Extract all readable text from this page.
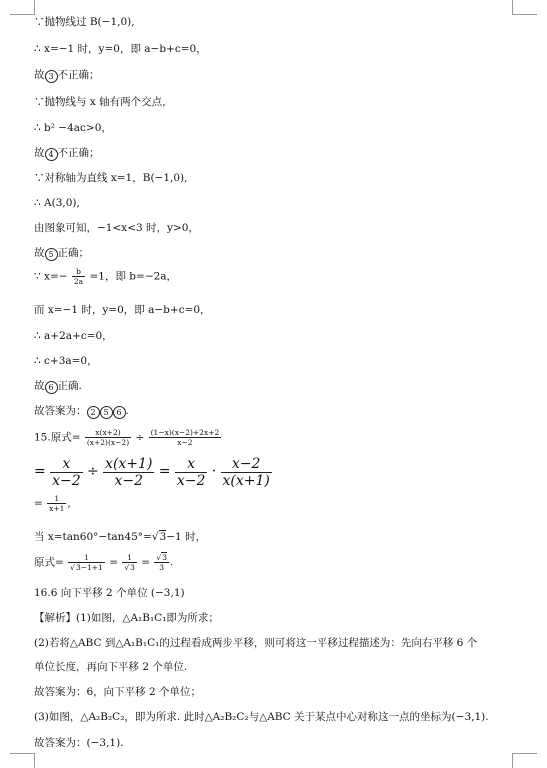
∵抛物线过 B(−1,0),
∴ x=−1 时，y=0，即 a−b+c=0，
故 3 不正确；
∵抛物线与 x 轴有两个交点，
∴ b² −4ac>0，
故 4 不正确；
∵对称轴为直线 x=1，B(−1,0),
∴ A(3,0),
由图象可知，−1<x<3 时，y>0，
故 5 正确；
∵ $x=- \frac{b}{2a} =1$，即 b=−2a，
而 x=−1 时，y=0，即 a−b+c=0，
∴ a+2a+c=0，
∴ c+3a=0，
故 6 正确.
故答案为： 2 5 6 .
15.原式= $\frac{x(x+2)}{(x+2)(x-2)} \div \frac{(1-x)(x-2)+2x+2}{x-2}$
= $\frac{x}{x-2} \div \frac{x(x+1)}{x-2} = \frac{x}{x-2} \cdot \frac{x-2}{x(x+1)}$
= $\frac{1}{x+1}$ ,
当 x=tan60°−tan45°=√3−1 时，
原式= $\frac{1}{√3-1+1} = \frac{1}{√3} = \frac{√3}{3}$ .
16.6 向下平移 2 个单位 (−3,1)
【解析】(1)如图，△A₁B₁C₁即为所求；
(2)若将△ABC 到△A₁B₁C₁的过程看成两步平移，则可将这一平移过程描述为：先向右平移 6 个
单位长度，再向下平移 2 个单位.
故答案为：6，向下平移 2 个单位；
(3)如图，△A₂B₂C₂，即为所求. 此时△A₂B₂C₂与△ABC 关于某点中心对称这一点的坐标为(−3,1).
故答案为：(−3,1).
